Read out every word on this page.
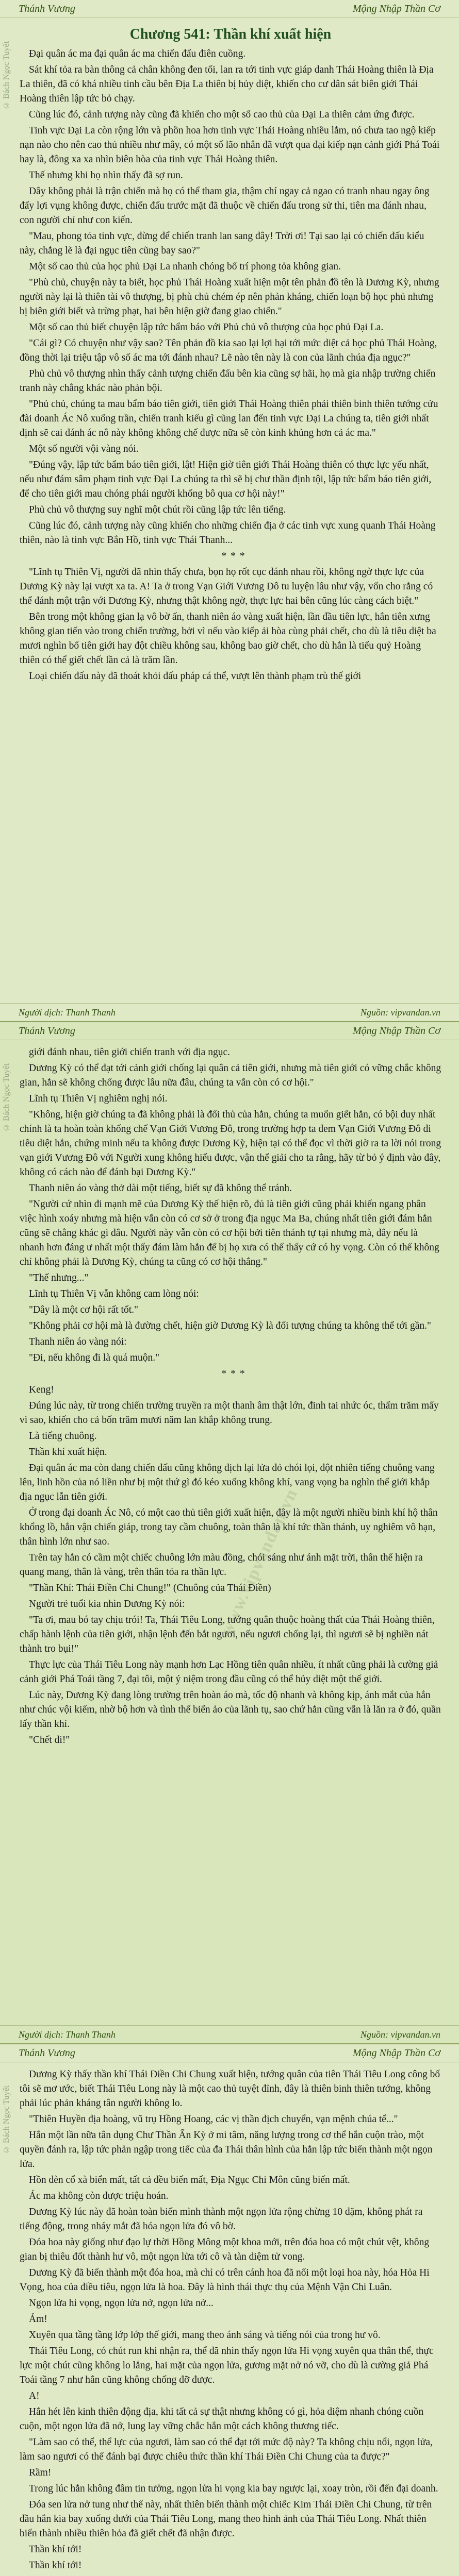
Thánh Vương	Mộng Nhập Thần Cơ
© Bách Ngọc Tuyết
Chương 541: Thần khí xuất hiện

Đại quân ác ma đại quân ác ma chiến đấu điên cuồng.

Sát khí tỏa ra bàn thông cả chân không đen tối, lan ra tới tinh vực giáp danh Thái Hoàng thiên là Địa La thiên, đã có khá nhiều tinh cầu bên Địa La thiên bị hủy diệt, khiến cho cư dân sát biên giới Thái Hoàng thiên lập tức bỏ chạy.

Cũng lúc đó, cảnh tượng này cũng đã khiến cho một số cao thủ của Đại La thiên cảm ứng được.

Tinh vực Đại La còn rộng lớn và phồn hoa hơn tinh vực Thái Hoàng nhiều lắm, nó chưa tao ngộ kiếp nạn nào cho nên cao thủ nhiều như mây, có một số lão nhân đã vượt qua đại kiếp nạn cảnh giới Phá Toái hay là, đông xa xa nhìn biên hòa của tinh vực Thái Hoàng thiên.

Thế nhưng khi họ nhìn thấy đã sợ run.

Dây không phải là trận chiến mà họ có thể tham gia, thậm chí ngay cả ngao có tranh nhau ngay ông đấy lợi vụng không được, chiến đấu trước mặt đã thuộc về chiến đấu trong sử thi, tiên ma đánh nhau, con người chỉ như con kiến.

"Mau, phong tỏa tinh vực, đừng để chiến tranh lan sang đây! Trời ơi! Tại sao lại có chiến đấu kiểu này, chẳng lẽ là đại ngục tiên cũng bay sao?"

Một số cao thủ của học phủ Đại La nhanh chóng bố trí phong tỏa không gian.

"Phù chủ, chuyện này ta biết, học phủ Thái Hoàng xuất hiện một tên phản đồ tên là Dương Kỳ, nhưng người này lại là thiên tài vô thượng, bị phù chủ chém ép nên phản kháng, chiến loạn bộ học phủ nhưng bị biên giới biết và trừng phạt, hai bên hiện giờ đang giao chiến."

Một số cao thủ biết chuyện lập tức bẩm báo với Phủ chủ vô thượng của học phủ Đại La.

"Cái gì? Có chuyện như vậy sao? Tên phản đồ kia sao lại lợi hại tới mức diệt cả học phủ Thái Hoàng, đồng thời lại triệu tập vô số ác ma tới đánh nhau? Lẽ nào tên này là con của lãnh chúa địa ngục?"

Phủ chủ vô thượng nhìn thấy cảnh tượng chiến đấu bên kia cũng sợ hãi, họ mà gia nhập trường chiến tranh này chẳng khác nào phản bội.

"Phủ chủ, chúng ta mau bẩm báo tiên giới, tiên giới Thái Hoàng thiên phải thiên binh thiên tướng cửu đài doanh Ác Nô xuống trần, chiến tranh kiểu gì cũng lan đến tinh vực Đại La chúng ta, tiên giới nhất định sẽ cai đánh ác nô này không không chế được nữa sẽ còn kinh khủng hơn cả ác ma."

Một số người vội vàng nói.

"Đúng vậy, lập tức bẩm báo tiên giới, lật! Hiện giờ tiên giới Thái Hoàng thiên có thực lực yếu nhất, nếu như đám sâm phạm tinh vực Đại La chúng ta thì sẽ bị chư thần định tội, lập tức bẩm báo tiên giới, để cho tiên giới mau chóng phái người khống bô qua cơ hội này!"

Phủ chủ vô thượng suy nghĩ một chút rồi cũng lập tức lên tiếng.

Cũng lúc đó, cảnh tượng này cũng khiến cho những chiến địa ở các tinh vực xung quanh Thái Hoàng thiên, nào là tinh vực Bắn Hồ, tinh vực Thái Thanh...

***

"Lĩnh tụ Thiên Vị, người đã nhìn thấy chưa, bọn họ rốt cục đánh nhau rồi, không ngờ thực lực của Dương Kỳ này lại vượt xa ta. A! Ta ở trong Vạn Giới Vương Đô tu luyện lâu như vậy, vốn cho rằng có thể đánh một trận với Dương Kỳ, nhưng thật không ngờ, thực lực hai bên cũng lúc càng cách biệt."

Bên trong một không gian lạ vô bờ ấn, thanh niên áo vàng xuất hiện, lần đầu tiên lực, hắn tiên xưng không gian tiến vào trong chiến trường, bởi vì nếu vào kiếp ải hòa cùng phải chết, cho dù là tiêu diệt ba mươi nghìn bổ tiên giới hay đột chiều không sau, không bao giờ chết, cho dù hắn là tiểu quỷ Hoàng thiên có thể giết chết lần cả là trăm lần.

Loại chiến đấu này đã thoát khỏi đấu pháp cá thể, vượt lên thành phạm trù thế giới

Người dịch: Thanh Thanh	Nguồn: vipvandan.vn
Thánh Vương	Mộng Nhập Thần Cơ
© Bách Ngọc Tuyết
www.vipvandan.vn

giới đánh nhau, tiên giới chiến tranh với địa ngục.

Dương Kỳ có thể đạt tới cảnh giới chống lại quân cả tiên giới, nhưng mà tiên giới có vững chắc không gian, hắn sẽ không chống được lâu nữa đâu, chúng ta vẫn còn có cơ hội."

Lĩnh tụ Thiên Vị nghiêm nghị nói.

"Không, hiện giờ chúng ta đã không phải là đối thủ của hắn, chúng ta muốn giết hắn, có bội duy nhất chính là ta hoàn toàn khống chế Vạn Giới Vương Đô, trong trường hợp ta đem Vạn Giới Vương Đô đi tiêu diệt hắn, chứng minh nếu ta không được Dương Kỳ, hiện tại có thể đọc vì thời giờ ra ta lời nói trong vạn giới Vương Đô với Người xung không hiểu được, vận thể giải cho ta rằng, hãy từ bỏ ý định vào đây, không có cách nào để đánh bại Dương Kỳ."

Thanh niên áo vàng thở dài một tiếng, biết sự đã không thể tránh.

"Người cứ nhìn đi mạnh mẽ của Dương Kỳ thế hiện rõ, đủ là tiên giới cũng phải khiến ngang phân việc hình xoáy nhưng mà hiện vẫn còn có cơ sở ở trong địa ngục Ma Ba, chúng nhất tiên giới đám hắn cũng sẽ chẳng khác gì đâu. Người này vẫn còn có cơ hội bởi tiên thánh tự tại nhưng mà, đây nếu là nhanh hơn đáng ư nhất một thấy đám làm hắn để bị họ xưa có thể thấy cứ có hy vọng. Còn có thể không chỉ không phải là Dương Kỳ, chúng ta cũng có cơ hội thắng."

"Thế nhưng..."

Lĩnh tụ Thiên Vị vẫn không cam lòng nói:

"Dây là một cơ hội rất tốt."

"Không phải cơ hội mà là đường chết, hiện giờ Dương Kỳ là đối tượng chúng ta không thể tới gần."

Thanh niên áo vàng nói:

"Đi, nếu không đi là quá muộn."

***

Keng!

Đúng lúc này, từ trong chiến trường truyền ra một thanh âm thật lớn, đinh tai nhức óc, thấm trăm mấy vì sao, khiến cho cả bốn trăm mươi năm lan khắp không trung.

Là tiếng chuông.

Thần khí xuất hiện.

Đại quân ác ma còn đang chiến đấu cũng không địch lại lửa đỏ chói lọi, đột nhiên tiếng chuông vang lên, linh hồn của nó liền như bị một thứ gì đó kéo xuống không khí, vang vọng ba nghìn thế giới khắp địa ngục lẫn tiên giới.

Ở trong đại doanh Ác Nô, có một cao thủ tiên giới xuất hiện, đây là một người nhiều binh khí hộ thân khổng lồ, hắn vận chiến giáp, trong tay cầm chuông, toàn thân là khí tức thần thánh, uy nghiêm vô hạn, thân hình lớn như sao.

Trên tay hắn có cầm một chiếc chuông lớn màu đồng, chói sáng như ánh mặt trời, thân thế hiện ra quang mang, thân là vàng, trên thân tỏa ra thần lực.

"Thần Khí: Thái Điền Chi Chung!" (Chuông của Thái Điền)

Người trẻ tuổi kia nhìn Dương Kỳ nói:

"Ta ơi, mau bó tay chịu trói! Ta, Thái Tiêu Long, tướng quân thuộc hoàng thất của Thái Hoàng thiên, chấp hành lệnh của tiên giới, nhận lệnh đến bắt ngươi, nếu ngươi chống lại, thì ngươi sẽ bị nghiền nát thành tro bụi!"

Thực lực của Thái Tiêu Long này mạnh hơn Lạc Hồng tiên quân nhiều, ít nhất cũng phải là cường giả cảnh giới Phá Toái tầng 7, đại tôi, một ý niệm trong đầu cũng có thể hủy diệt một thế giới.

Lúc này, Dương Kỳ đang lòng trường trên hoàn áo mà, tốc độ nhanh và không kịp, ánh mắt của hắn như chúc vội kiếm, nhờ bộ hơn và tình thế biến ảo của lãnh tụ, sao chứ hắn cũng vẫn là lăn ra ở đó, quần lấy thần khí.

"Chết đi!"

Người dịch: Thanh Thanh	Nguồn: vipvandan.vn
Thánh Vương	Mộng Nhập Thần Cơ
© Bách Ngọc Tuyết

Dương Kỳ thấy thần khí Thái Điền Chi Chung xuất hiện, tướng quân của tiên Thái Tiêu Long công bố tôi sẽ mơ ước, biết Thái Tiêu Long này là một cao thủ tuyệt đỉnh, đây là thiên binh thiên tướng, không phải lúc phản kháng tân người không lo.

"Thiên Huyền địa hoàng, vũ trụ Hồng Hoang, các vị thần địch chuyển, vạn mệnh chúa tể..."

Hắn một lần nữa tân dụng Chư Thần Ấn Kỳ ở mi tâm, năng lượng trong cơ thể hắn cuộn trào, một quyền đánh ra, lập tức phản ngập trong tiếc của đa Thái thân hình của hắn lập tức biến thành một ngọn lửa.

Hồn đèn cổ xà biển mất, tất cả đều biến mất, Địa Ngục Chi Môn cũng biến mất.

Ác ma không còn được triệu hoán.

Dương Kỳ lúc này đã hoàn toàn biến mình thành một ngọn lửa rộng chừng 10 dặm, không phát ra tiếng động, trong nháy mắt đã hóa ngọn lửa đó vô bờ.

Đóa hoa này giống như đạo lự thời Hồng Mông một khoa mới, trên đóa hoa có một chút vệt, không gian bị thiêu đốt thành hư vô, một ngọn lửa tới cô và tàn diệm tử vong.

Dương Kỳ đã biến thành một đóa hoa, mà chỉ có trên cánh hoa đã nối một loại hoa này, hóa Hỏa Hi Vọng, hoa của điều tiêu, ngọn lửa là hoa. Đây là hình thái thực thụ của Mệnh Vận Chi Luân.

Ngọn lửa hi vọng, ngọn lửa nở, ngọn lửa nở...

Ám!

Xuyên qua tầng tầng lớp lớp thế giới, mang theo ánh sáng và tiếng nói của trong hư vô.

Thái Tiêu Long, có chút run khi nhận ra, thể đã nhìn thấy ngọn lửa Hi vọng xuyên qua thân thể, thực lực một chút cũng không lo lắng, hai mặt của ngọn lửa, gương mặt nở nó vỡ, cho dù là cường giả Phá Toái tầng 7 như hắn cũng không chống đỡ được.

A!

Hắn hét lên kinh thiên động địa, khi tất cả sự thật nhưng không có gì, hỏa diệm nhanh chóng cuồn cuộn, một ngọn lửa đã nở, lung lay vững chắc hắn một cách không thương tiếc.

"Làm sao có thể, thể lực của ngươi, làm sao có thể đạt tới mức độ này? Ta không chịu nổi, ngọn lửa, làm sao ngươi có thể đánh bại được chiêu thức thần khí Thái Điền Chi Chung của ta được?"

Rầm!

Trong lúc hắn không đâm tin tưởng, ngọn lửa hi vọng kia bay ngược lại, xoay tròn, rồi đến đại doanh.

Đóa sen lửa nở tung như thế này, nhất thiên biến thành một chiếc Kim Thái Điền Chi Chung, từ trên đầu hắn kia bay xuống dưới của Thái Tiêu Long, mang theo hình ảnh của Thái Tiêu Long. Nhất thiên biến thành nhiều thiên hỏa đã giết chết đã nhận được.

Thần khí tới!

Thần khí tới!
